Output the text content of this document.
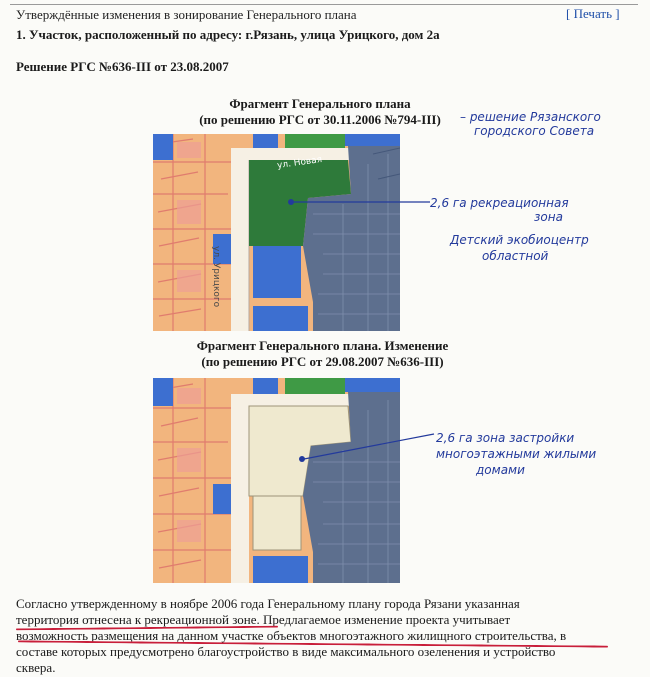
Утверждённые изменения в зонирование Генерального плана	[ Печать ]
1. Участок, расположенный по адресу: г.Рязань, улица Урицкого, дом 2а
Решение РГС №636-III от 23.08.2007
Фрагмент Генерального плана
(по решению РГС от 30.11.2006 №794-III)
ул. Новая
ул. Урицкого
– решение Рязанского
городского Совета
2,6 га рекреационная
зона
Детский экобиоцентр
областной
Фрагмент Генерального плана. Изменение
(по решению РГС от 29.08.2007 №636-III)
2,6 га зона застройки
многоэтажными жилыми
домами
Согласно утвержденному в ноябре 2006 года Генеральному плану города Рязани указанная
территория отнесена к рекреационной зоне. Предлагаемое изменение проекта учитывает
возможность размещения на данном участке объектов многоэтажного жилищного строительства, в
составе которых предусмотрено благоустройство в виде максимального озеленения и устройство
сквера.
